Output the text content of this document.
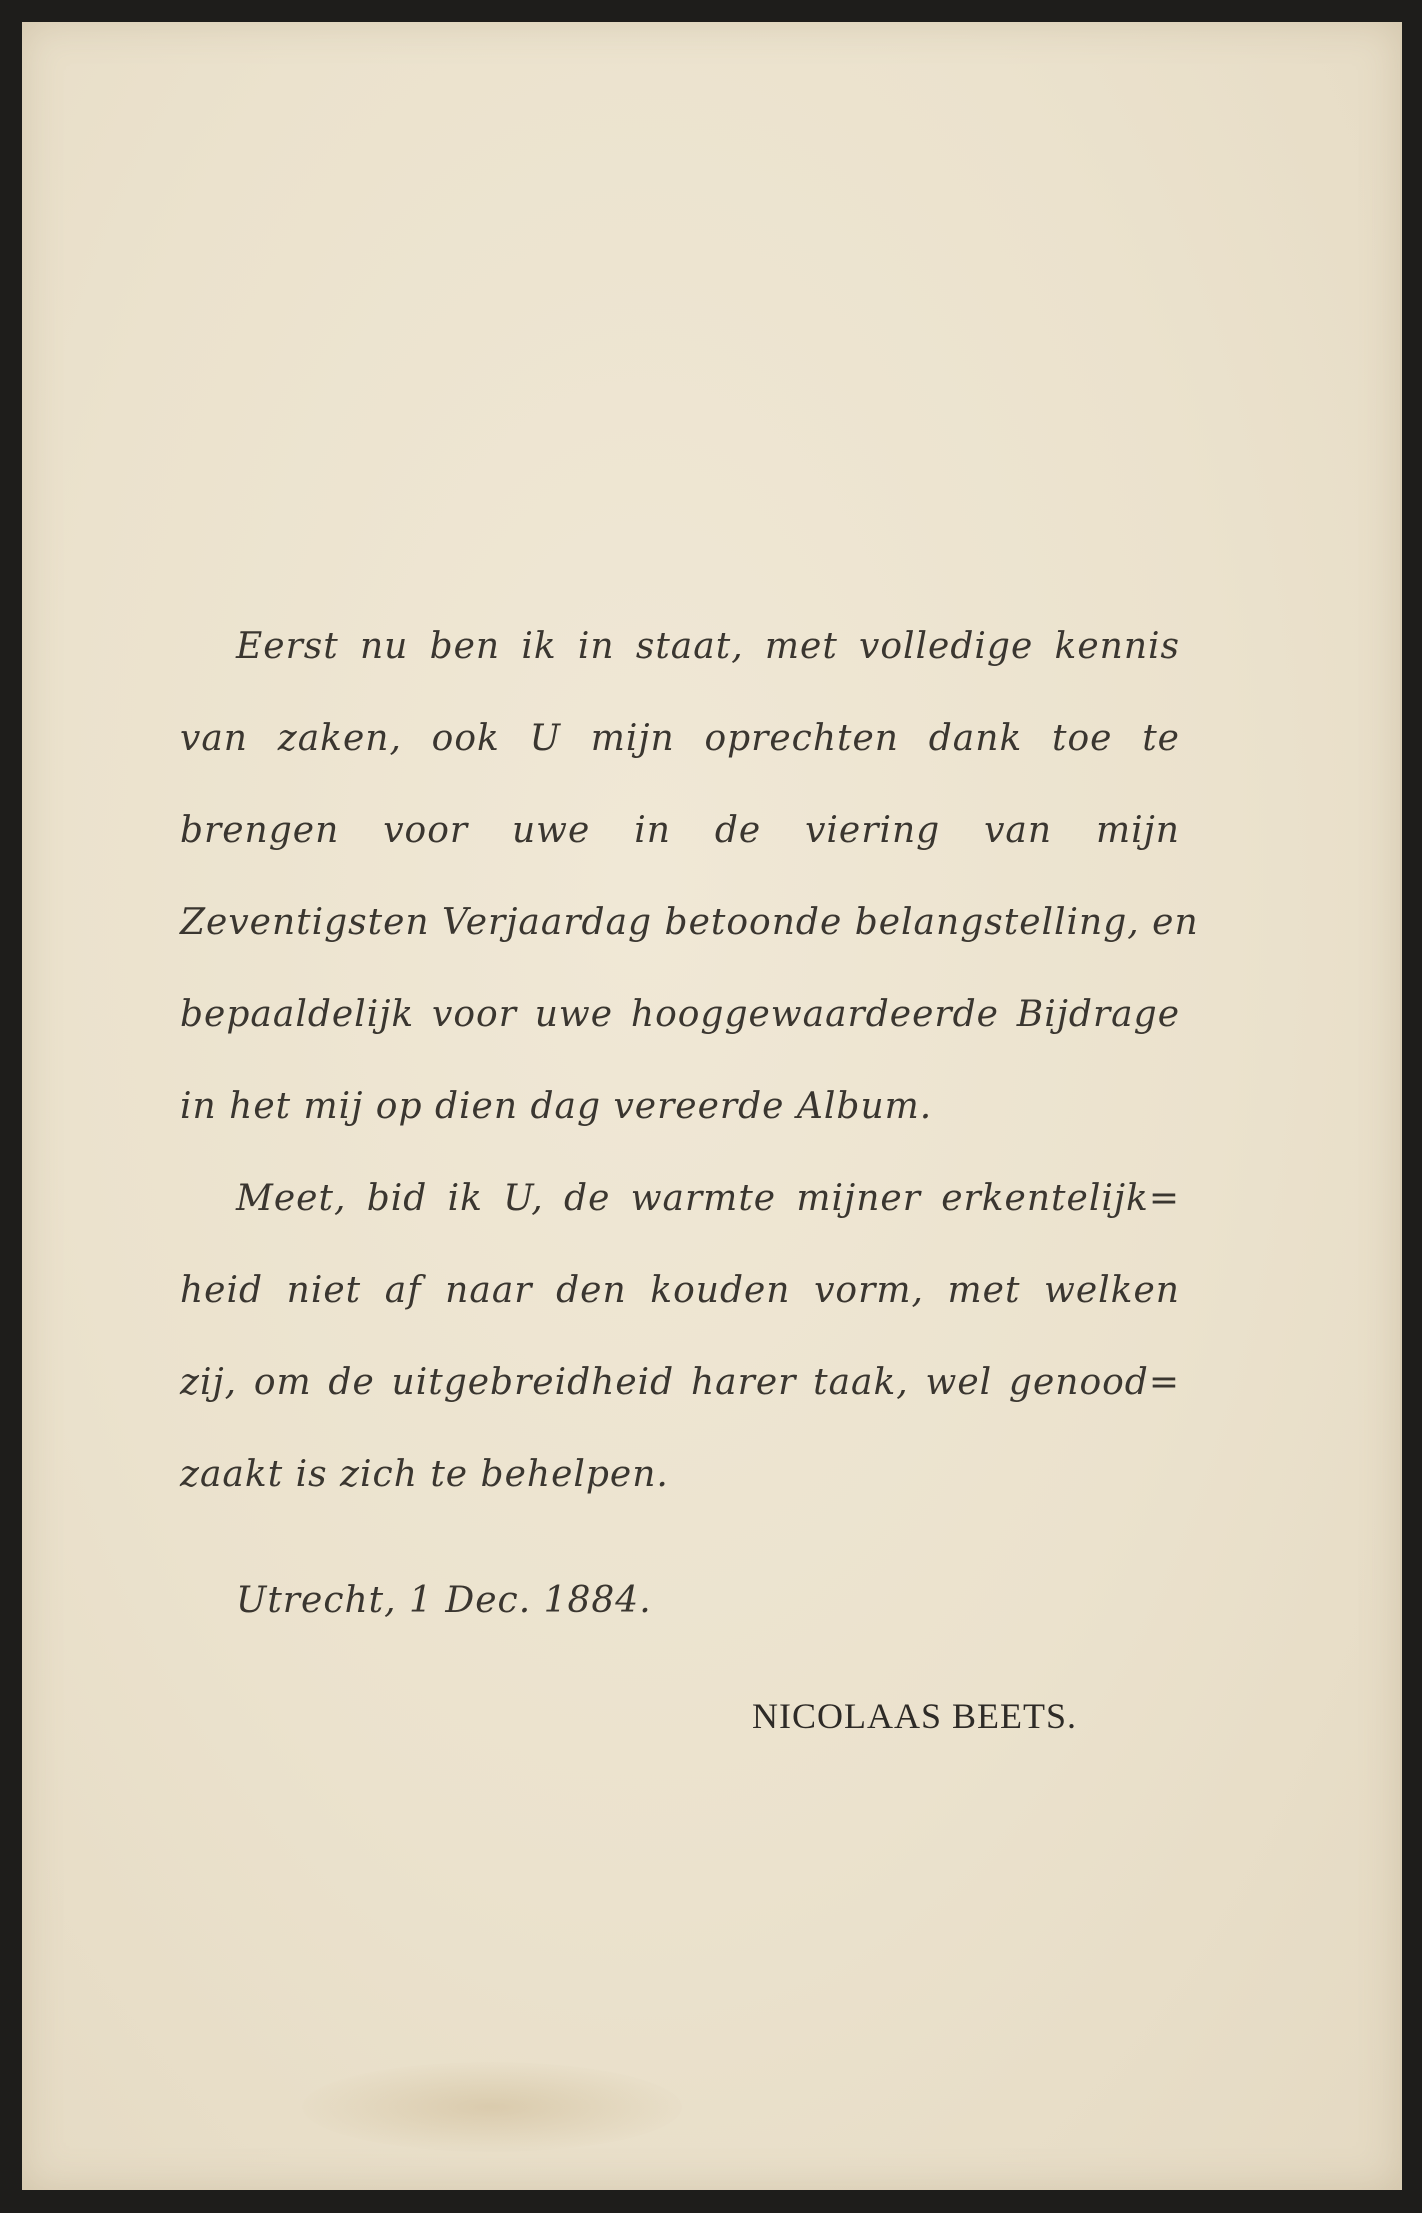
Eerst nu ben ik in staat, met volledige kennis
van zaken, ook U mijn oprechten dank toe te
brengen voor uwe in de viering van mijn
Zeventigsten Verjaardag betoonde belangstelling, en
bepaaldelijk voor uwe hooggewaardeerde Bijdrage
in het mij op dien dag vereerde Album.
Meet, bid ik U, de warmte mijner erkentelijk=
heid niet af naar den kouden vorm, met welken
zij, om de uitgebreidheid harer taak, wel genood=
zaakt is zich te behelpen.
Utrecht, 1 Dec. 1884.
NICOLAAS BEETS.
